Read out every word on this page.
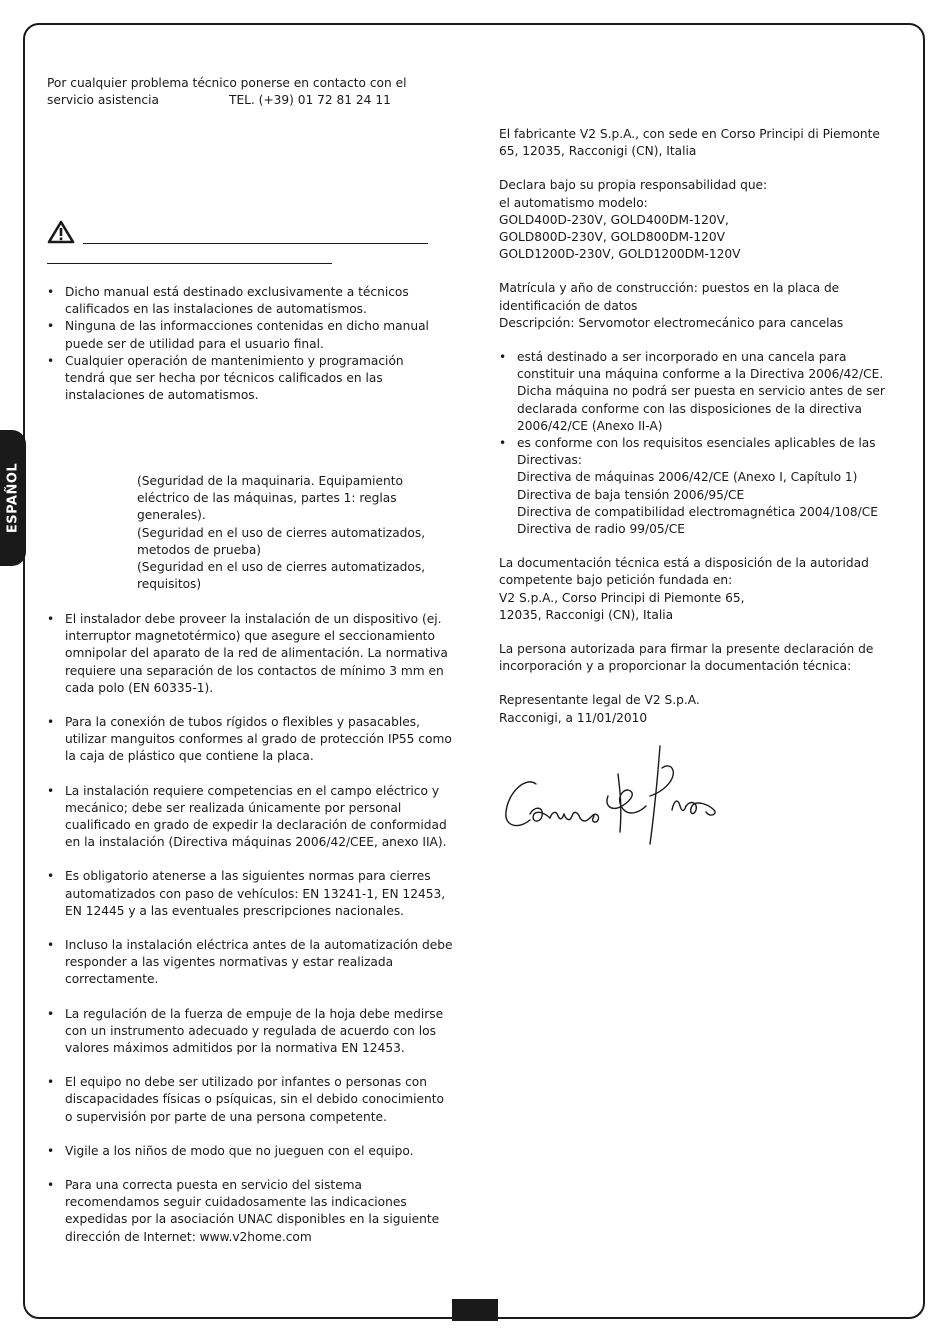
ESPAÑOL

Por cualquier problema técnico ponerse en contacto con el

servicio asistencia	TEL. (+39) 01 72 81 24 11

• Dicho manual está destinado exclusivamente a técnicos calificados en las instalaciones de automatismos.
• Ninguna de las informacciones contenidas en dicho manual puede ser de utilidad para el usuario final.
• Cualquier operación de mantenimiento y programación tendrá que ser hecha por técnicos calificados en las instalaciones de automatismos.

(Seguridad de la maquinaria. Equipamiento eléctrico de las máquinas, partes 1: reglas generales).

(Seguridad en el uso de cierres automatizados, metodos de prueba)

(Seguridad en el uso de cierres automatizados, requisitos)

• El instalador debe proveer la instalación de un dispositivo (ej. interruptor magnetotérmico) que asegure el seccionamiento omnipolar del aparato de la red de alimentación. La normativa requiere una separación de los contactos de mínimo 3 mm en cada polo (EN 60335-1).
• Para la conexión de tubos rígidos o flexibles y pasacables, utilizar manguitos conformes al grado de protección IP55 como la caja de plástico que contiene la placa.
• La instalación requiere competencias en el campo eléctrico y mecánico; debe ser realizada únicamente por personal cualificado en grado de expedir la declaración de conformidad en la instalación (Directiva máquinas 2006/42/CEE, anexo IIA).
• Es obligatorio atenerse a las siguientes normas para cierres automatizados con paso de vehículos: EN 13241-1, EN 12453, EN 12445 y a las eventuales prescripciones nacionales.
• Incluso la instalación eléctrica antes de la automatización debe responder a las vigentes normativas y estar realizada correctamente.
• La regulación de la fuerza de empuje de la hoja debe medirse con un instrumento adecuado y regulada de acuerdo con los valores máximos admitidos por la normativa EN 12453.
• El equipo no debe ser utilizado por infantes o personas con discapacidades físicas o psíquicas, sin el debido conocimiento o supervisión por parte de una persona competente.
• Vigile a los niños de modo que no jueguen con el equipo.
• Para una correcta puesta en servicio del sistema recomendamos seguir cuidadosamente las indicaciones expedidas por la asociación UNAC disponibles en la siguiente dirección de Internet: www.v2home.com

El fabricante V2 S.p.A., con sede en Corso Principi di Piemonte 65, 12035, Racconigi (CN), Italia

Declara bajo su propia responsabilidad que:

el automatismo modelo:

GOLD400D-230V, GOLD400DM-120V,

GOLD800D-230V, GOLD800DM-120V

GOLD1200D-230V, GOLD1200DM-120V

Matrícula y año de construcción: puestos en la placa de identificación de datos

Descripción: Servomotor electromecánico para cancelas

• está destinado a ser incorporado en una cancela para constituir una máquina conforme a la Directiva 2006/42/CE. Dicha máquina no podrá ser puesta en servicio antes de ser declarada conforme con las disposiciones de la directiva 2006/42/CE (Anexo II-A)
• es conforme con los requisitos esenciales aplicables de las Directivas:
Directiva de máquinas 2006/42/CE (Anexo I, Capítulo 1)
Directiva de baja tensión 2006/95/CE
Directiva de compatibilidad electromagnética 2004/108/CE
Directiva de radio 99/05/CE

La documentación técnica está a disposición de la autoridad competente bajo petición fundada en:

V2 S.p.A., Corso Principi di Piemonte 65,

12035, Racconigi (CN), Italia

La persona autorizada para firmar la presente declaración de incorporación y a proporcionar la documentación técnica:

Representante legal de V2 S.p.A.

Racconigi, a 11/01/2010
